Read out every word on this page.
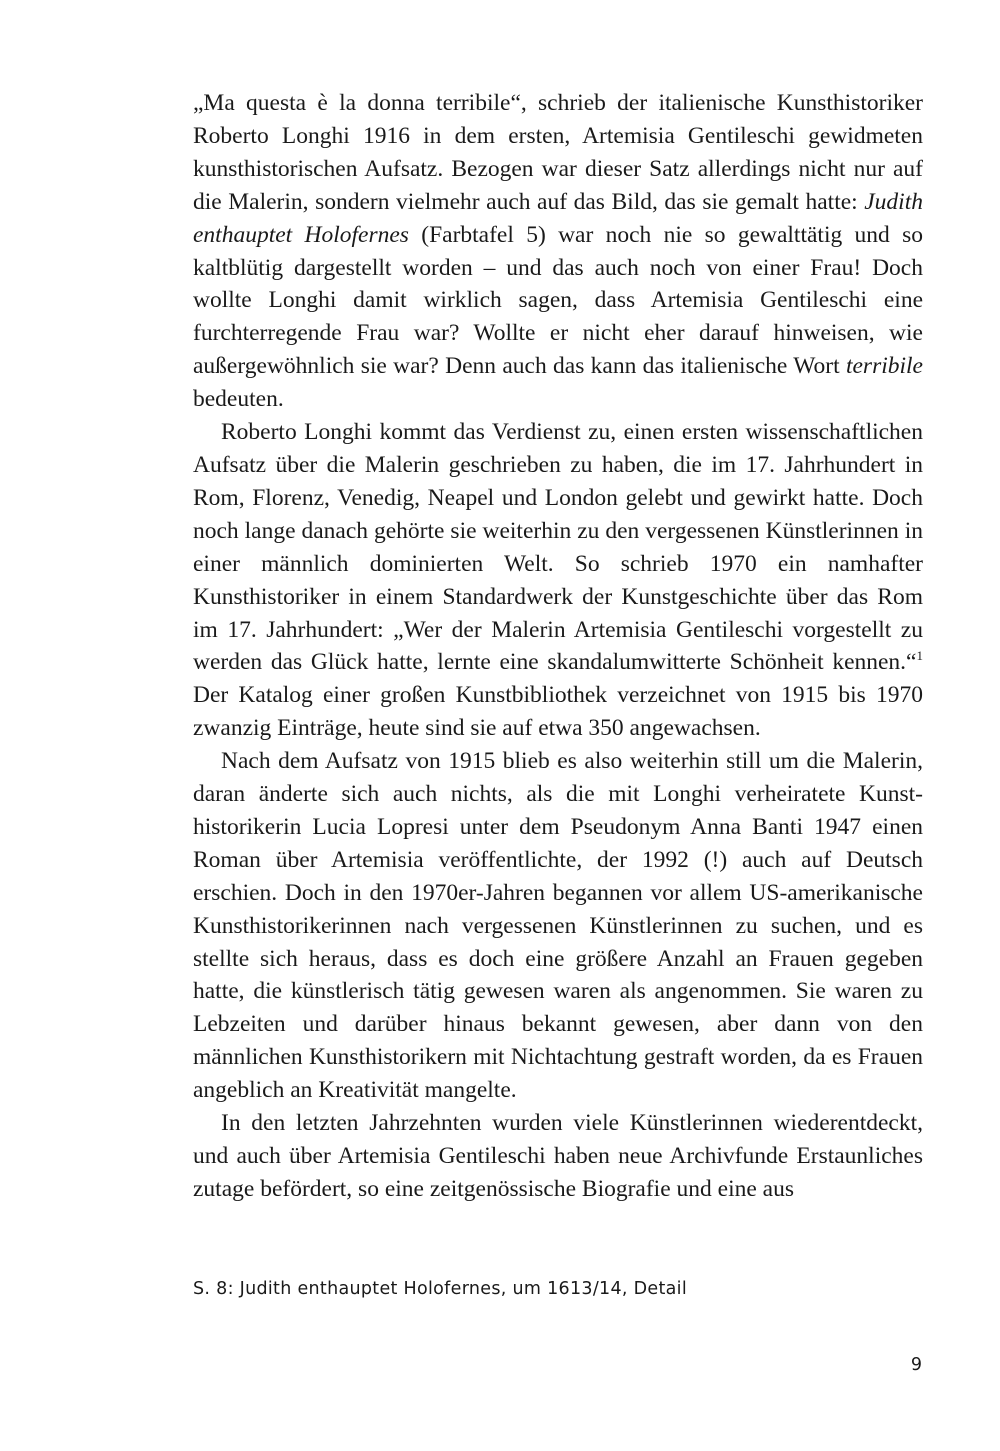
„Ma questa è la donna terribile“, schrieb der italienische Kunsthistoriker Roberto Longhi 1916 in dem ersten, Artemisia Gentileschi gewidmeten kunsthistorischen Aufsatz. Bezogen war dieser Satz allerdings nicht nur auf die Malerin, sondern vielmehr auch auf das Bild, das sie gemalt hatte: Judith enthauptet Holofernes (Farbtafel 5) war noch nie so gewalttätig und so kaltblütig dargestellt worden – und das auch noch von einer Frau! Doch wollte Longhi damit wirklich sagen, dass Artemisia Gentileschi eine furchterregende Frau war? Wollte er nicht eher darauf hinweisen, wie außergewöhnlich sie war? Denn auch das kann das italienische Wort terribile bedeuten.

Roberto Longhi kommt das Verdienst zu, einen ersten wissenschaftlichen Aufsatz über die Malerin geschrieben zu haben, die im 17. Jahrhundert in Rom, Florenz, Venedig, Neapel und London gelebt und gewirkt hatte. Doch noch lange danach gehörte sie weiterhin zu den vergessenen Künstlerinnen in einer männlich dominierten Welt. So schrieb 1970 ein namhafter Kunsthistoriker in einem Standardwerk der Kunstgeschichte über das Rom im 17. Jahrhundert: „Wer der Malerin Artemisia Gentileschi vorgestellt zu werden das Glück hatte, lernte eine skandalumwitterte Schönheit kennen.“$^1$ Der Katalog einer großen Kunstbibliothek verzeichnet von 1915 bis 1970 zwanzig Einträge, heute sind sie auf etwa 350 angewachsen.

Nach dem Aufsatz von 1915 blieb es also weiterhin still um die Malerin, daran änderte sich auch nichts, als die mit Longhi verheiratete Kunsthistorikerin Lucia Lopresi unter dem Pseudonym Anna Banti 1947 einen Roman über Artemisia veröffentlichte, der 1992 (!) auch auf Deutsch erschien. Doch in den 1970er-Jahren begannen vor allem US-amerikanische Kunsthistorikerinnen nach vergessenen Künstlerinnen zu suchen, und es stellte sich heraus, dass es doch eine größere Anzahl an Frauen gegeben hatte, die künstlerisch tätig gewesen waren als angenommen. Sie waren zu Lebzeiten und darüber hinaus bekannt gewesen, aber dann von den männlichen Kunsthistorikern mit Nichtachtung gestraft worden, da es Frauen angeblich an Kreativität mangelte.

In den letzten Jahrzehnten wurden viele Künstlerinnen wiederentdeckt, und auch über Artemisia Gentileschi haben neue Archivfunde Erstaunliches zutage befördert, so eine zeitgenössische Biografie und eine aus

S. 8: Judith enthauptet Holofernes, um 1613/14, Detail
9
